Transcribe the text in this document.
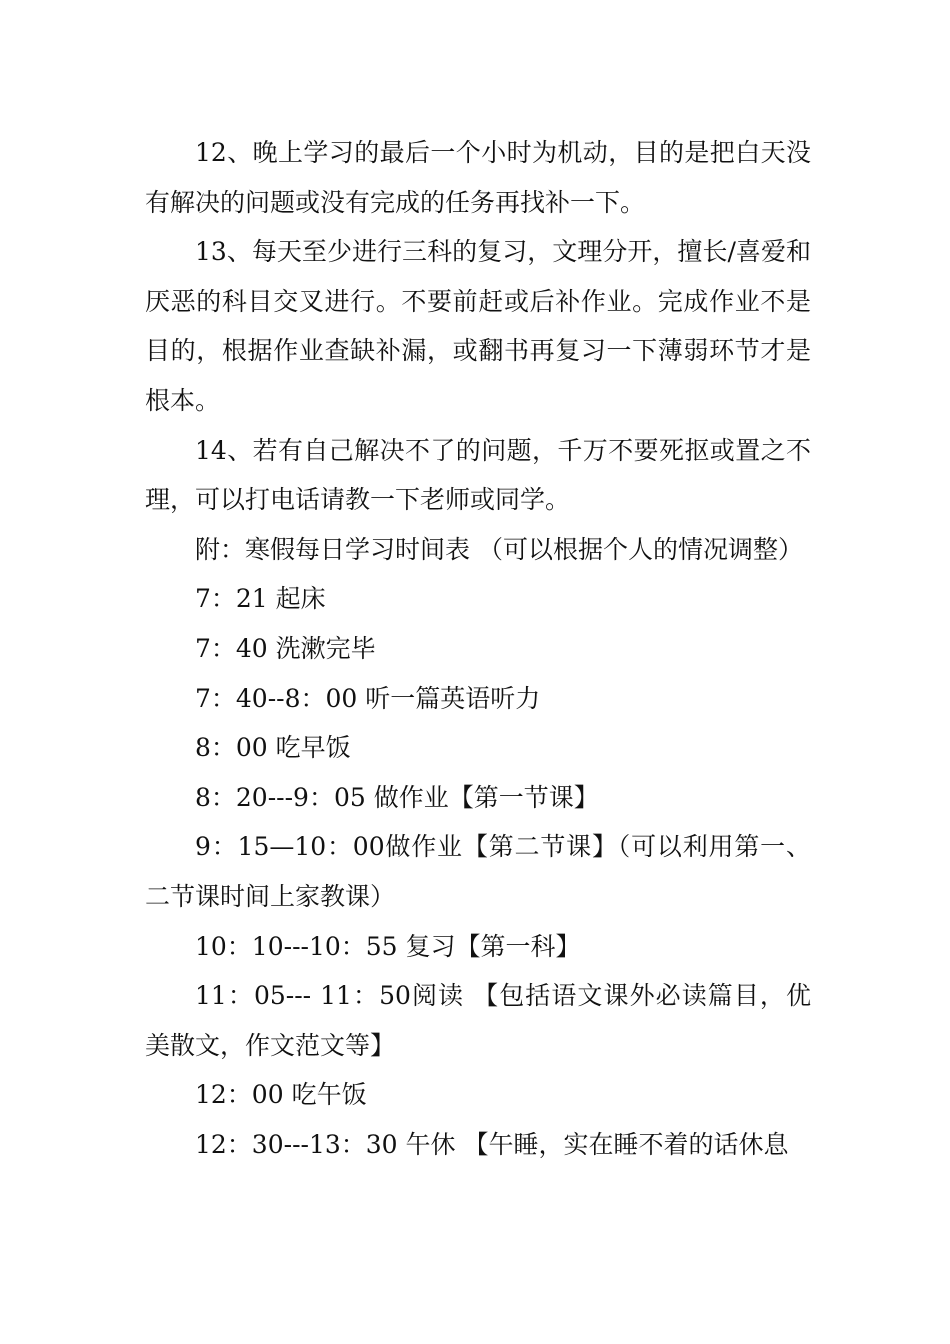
12、晚上学习的最后一个小时为机动，目的是把白天没有解决的问题或没有完成的任务再找补一下。

13、每天至少进行三科的复习，文理分开，擅长/喜爱和厌恶的科目交叉进行。不要前赶或后补作业。完成作业不是目的，根据作业查缺补漏，或翻书再复习一下薄弱环节才是根本。

14、若有自己解决不了的问题，千万不要死抠或置之不理，可以打电话请教一下老师或同学。

附：寒假每日学习时间表 （可以根据个人的情况调整）

7：21 起床

7：40 洗漱完毕

7：40--8：00 听一篇英语听力

8：00 吃早饭

8：20---9：05 做作业【第一节课】

9：15—10：00做作业【第二节课】（可以利用第一、二节课时间上家教课）

10：10---10：55 复习【第一科】

11：05--- 11：50阅读 【包括语文课外必读篇目，优美散文，作文范文等】

12：00 吃午饭

12：30---13：30 午休 【午睡，实在睡不着的话休息
